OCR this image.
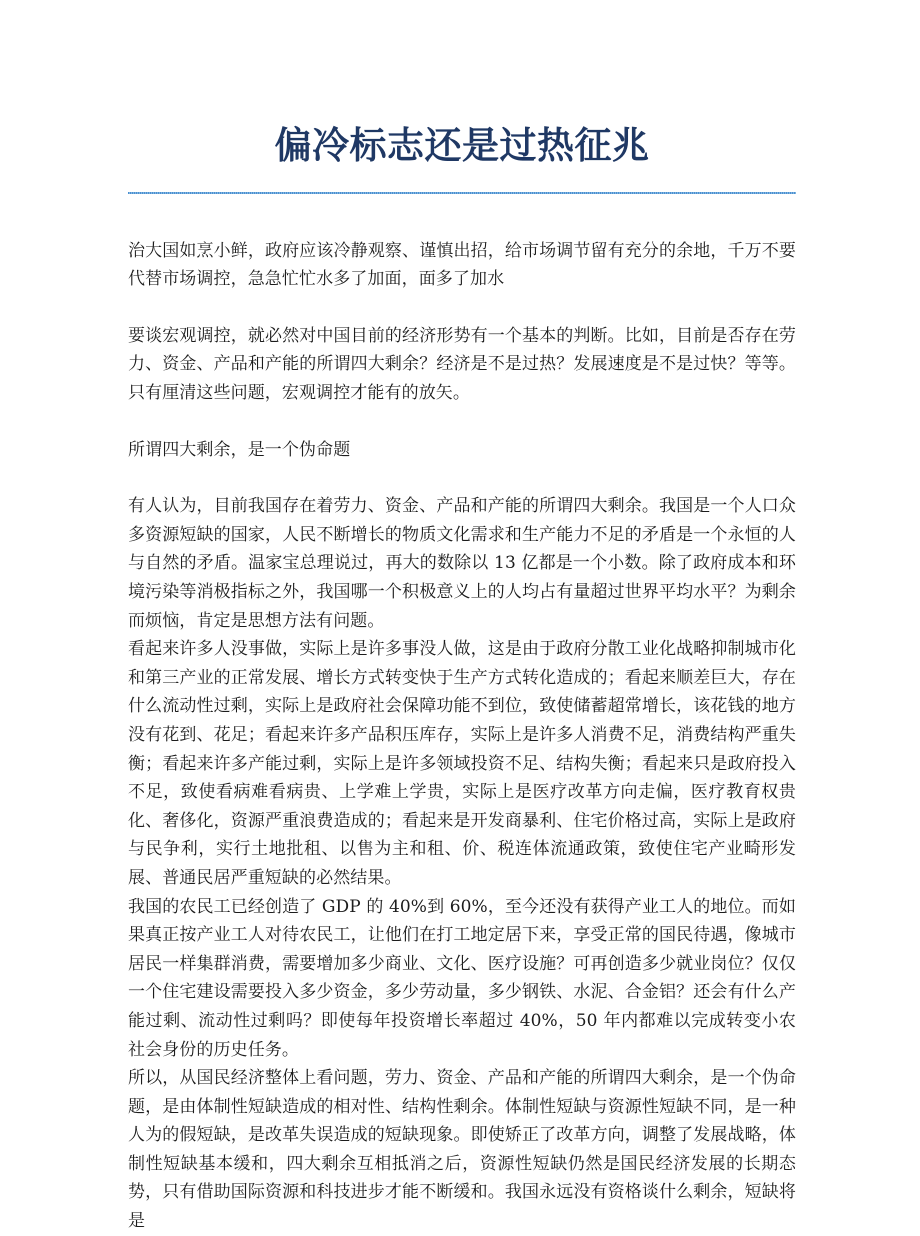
偏冷标志还是过热征兆

治大国如烹小鲜，政府应该冷静观察、谨慎出招，给市场调节留有充分的余地，千万不要代替市场调控，急急忙忙水多了加面，面多了加水

要谈宏观调控，就必然对中国目前的经济形势有一个基本的判断。比如，目前是否存在劳力、资金、产品和产能的所谓四大剩余？经济是不是过热？发展速度是不是过快？等等。只有厘清这些问题，宏观调控才能有的放矢。

所谓四大剩余，是一个伪命题

有人认为，目前我国存在着劳力、资金、产品和产能的所谓四大剩余。我国是一个人口众多资源短缺的国家，人民不断增长的物质文化需求和生产能力不足的矛盾是一个永恒的人与自然的矛盾。温家宝总理说过，再大的数除以 13 亿都是一个小数。除了政府成本和环境污染等消极指标之外，我国哪一个积极意义上的人均占有量超过世界平均水平？为剩余而烦恼，肯定是思想方法有问题。

看起来许多人没事做，实际上是许多事没人做，这是由于政府分散工业化战略抑制城市化和第三产业的正常发展、增长方式转变快于生产方式转化造成的；看起来顺差巨大，存在什么流动性过剩，实际上是政府社会保障功能不到位，致使储蓄超常增长，该花钱的地方没有花到、花足；看起来许多产品积压库存，实际上是许多人消费不足，消费结构严重失衡；看起来许多产能过剩，实际上是许多领域投资不足、结构失衡；看起来只是政府投入不足，致使看病难看病贵、上学难上学贵，实际上是医疗改革方向走偏，医疗教育权贵化、奢侈化，资源严重浪费造成的；看起来是开发商暴利、住宅价格过高，实际上是政府与民争利，实行土地批租、以售为主和租、价、税连体流通政策，致使住宅产业畸形发展、普通民居严重短缺的必然结果。

我国的农民工已经创造了 GDP 的 40%到 60%，至今还没有获得产业工人的地位。而如果真正按产业工人对待农民工，让他们在打工地定居下来，享受正常的国民待遇，像城市居民一样集群消费，需要增加多少商业、文化、医疗设施？可再创造多少就业岗位？仅仅一个住宅建设需要投入多少资金，多少劳动量，多少钢铁、水泥、合金铝？还会有什么产能过剩、流动性过剩吗？即使每年投资增长率超过 40%，50 年内都难以完成转变小农社会身份的历史任务。

所以，从国民经济整体上看问题，劳力、资金、产品和产能的所谓四大剩余，是一个伪命题，是由体制性短缺造成的相对性、结构性剩余。体制性短缺与资源性短缺不同，是一种人为的假短缺，是改革失误造成的短缺现象。即使矫正了改革方向，调整了发展战略，体制性短缺基本缓和，四大剩余互相抵消之后，资源性短缺仍然是国民经济发展的长期态势，只有借助国际资源和科技进步才能不断缓和。我国永远没有资格谈什么剩余，短缺将是
